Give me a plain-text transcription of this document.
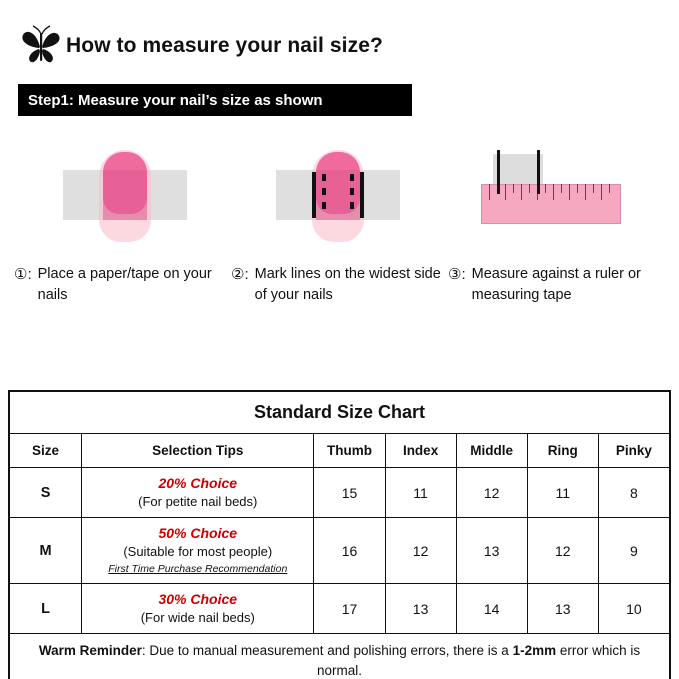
How to measure your nail size?
Step1: Measure your nail’s size as shown
①: Place a paper/tape on your nails
②: Mark lines on the widest side of your nails
③: Measure against a ruler or measuring tape
Standard Size Chart						
Size	Selection Tips	Thumb	Index	Middle	Ring	Pinky
S	20% Choice
(For petite nail beds)	15	11	12	11	8
M	50% Choice
(Suitable for most people)
First Time Purchase Recommendation	16	12	13	12	9
L	30% Choice
(For wide nail beds)	17	13	14	13	10
Warm Reminder: Due to manual measurement and polishing errors, there is a 1-2mm error which is normal.						
